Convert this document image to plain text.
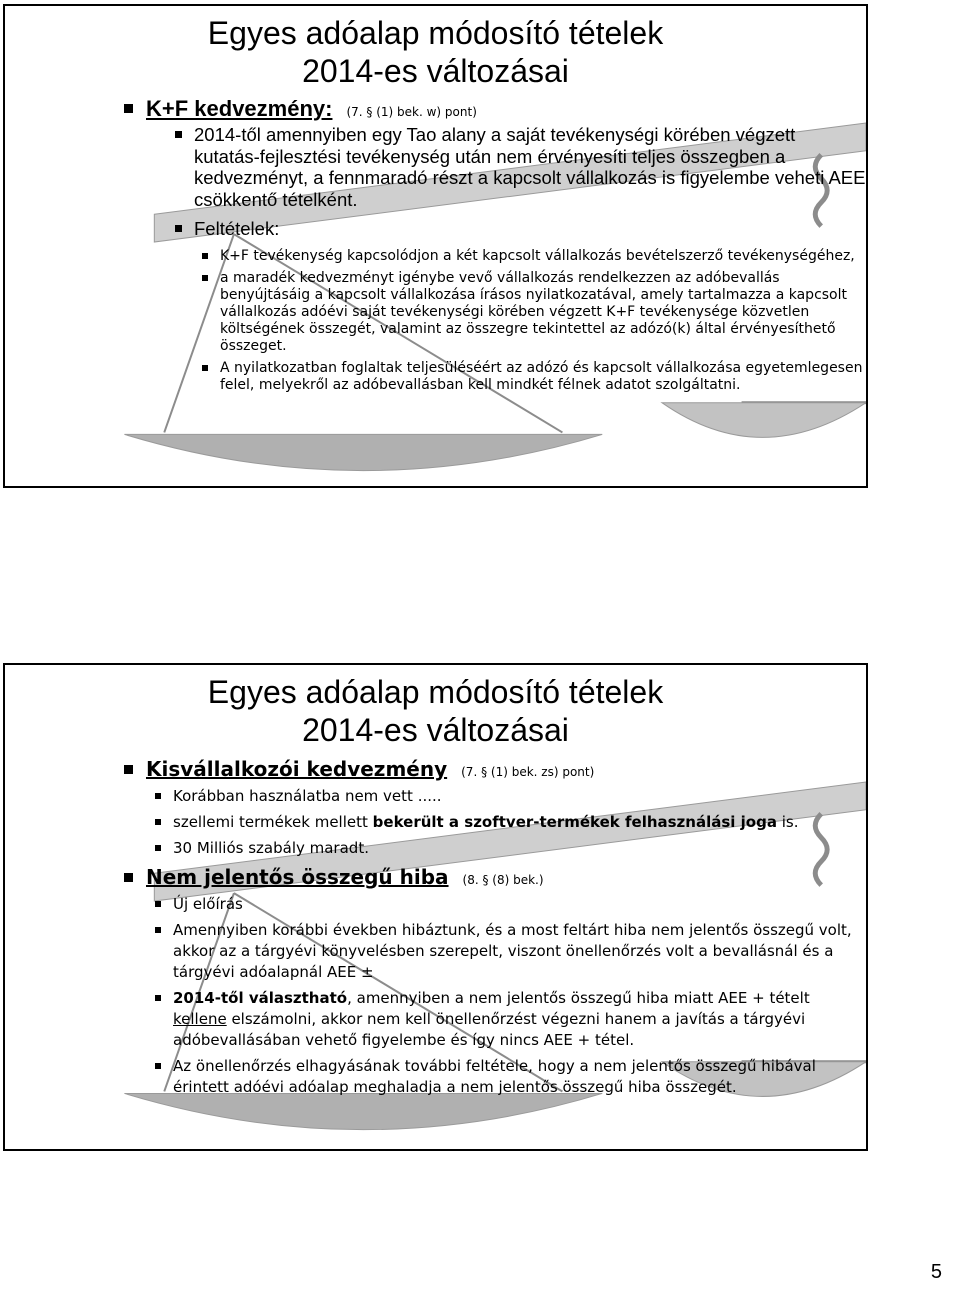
Egyes adóalap módosító tételek
2014-es változásai
K+F kedvezmény: (7. § (1) bek. w) pont)
2014-től amennyiben egy Tao alany a saját tevékenységi körében végzett kutatás-fejlesztési tevékenység után nem érvényesíti teljes összegben a kedvezményt, a fennmaradó részt a kapcsolt vállalkozás is figyelembe veheti AEE csökkentő tételként.
Feltételek:
K+F tevékenység kapcsolódjon a két kapcsolt vállalkozás bevételszerző tevékenységéhez,
a maradék kedvezményt igénybe vevő vállalkozás rendelkezzen az adóbevallás benyújtásáig a kapcsolt vállalkozása írásos nyilatkozatával, amely tartalmazza a kapcsolt vállalkozás adóévi saját tevékenységi körében végzett K+F tevékenysége közvetlen költségének összegét, valamint az összegre tekintettel az adózó(k) által érvényesíthető összeget.
A nyilatkozatban foglaltak teljesüléséért az adózó és kapcsolt vállalkozása egyetemlegesen felel, melyekről az adóbevallásban kell mindkét félnek adatot szolgáltatni.
Egyes adóalap módosító tételek
2014-es változásai
Kisvállalkozói kedvezmény (7. § (1) bek. zs) pont)
Korábban használatba nem vett .....
szellemi termékek mellett bekerült a szoftver-termékek felhasználási joga is.
30 Milliós szabály maradt.
Nem jelentős összegű hiba (8. § (8) bek.)
Új előírás
Amennyiben korábbi években hibáztunk, és a most feltárt hiba nem jelentős összegű volt, akkor az a tárgyévi könyvelésben szerepelt, viszont önellenőrzés volt a bevallásnál és a tárgyévi adóalapnál AEE ±
2014-től választható, amennyiben a nem jelentős összegű hiba miatt AEE + tételt kellene elszámolni, akkor nem kell önellenőrzést végezni hanem a javítás a tárgyévi adóbevallásában vehető figyelembe és így nincs AEE + tétel.
Az önellenőrzés elhagyásának további feltétele, hogy a nem jelentős összegű hibával érintett adóévi adóalap meghaladja a nem jelentős összegű hiba összegét.
5
